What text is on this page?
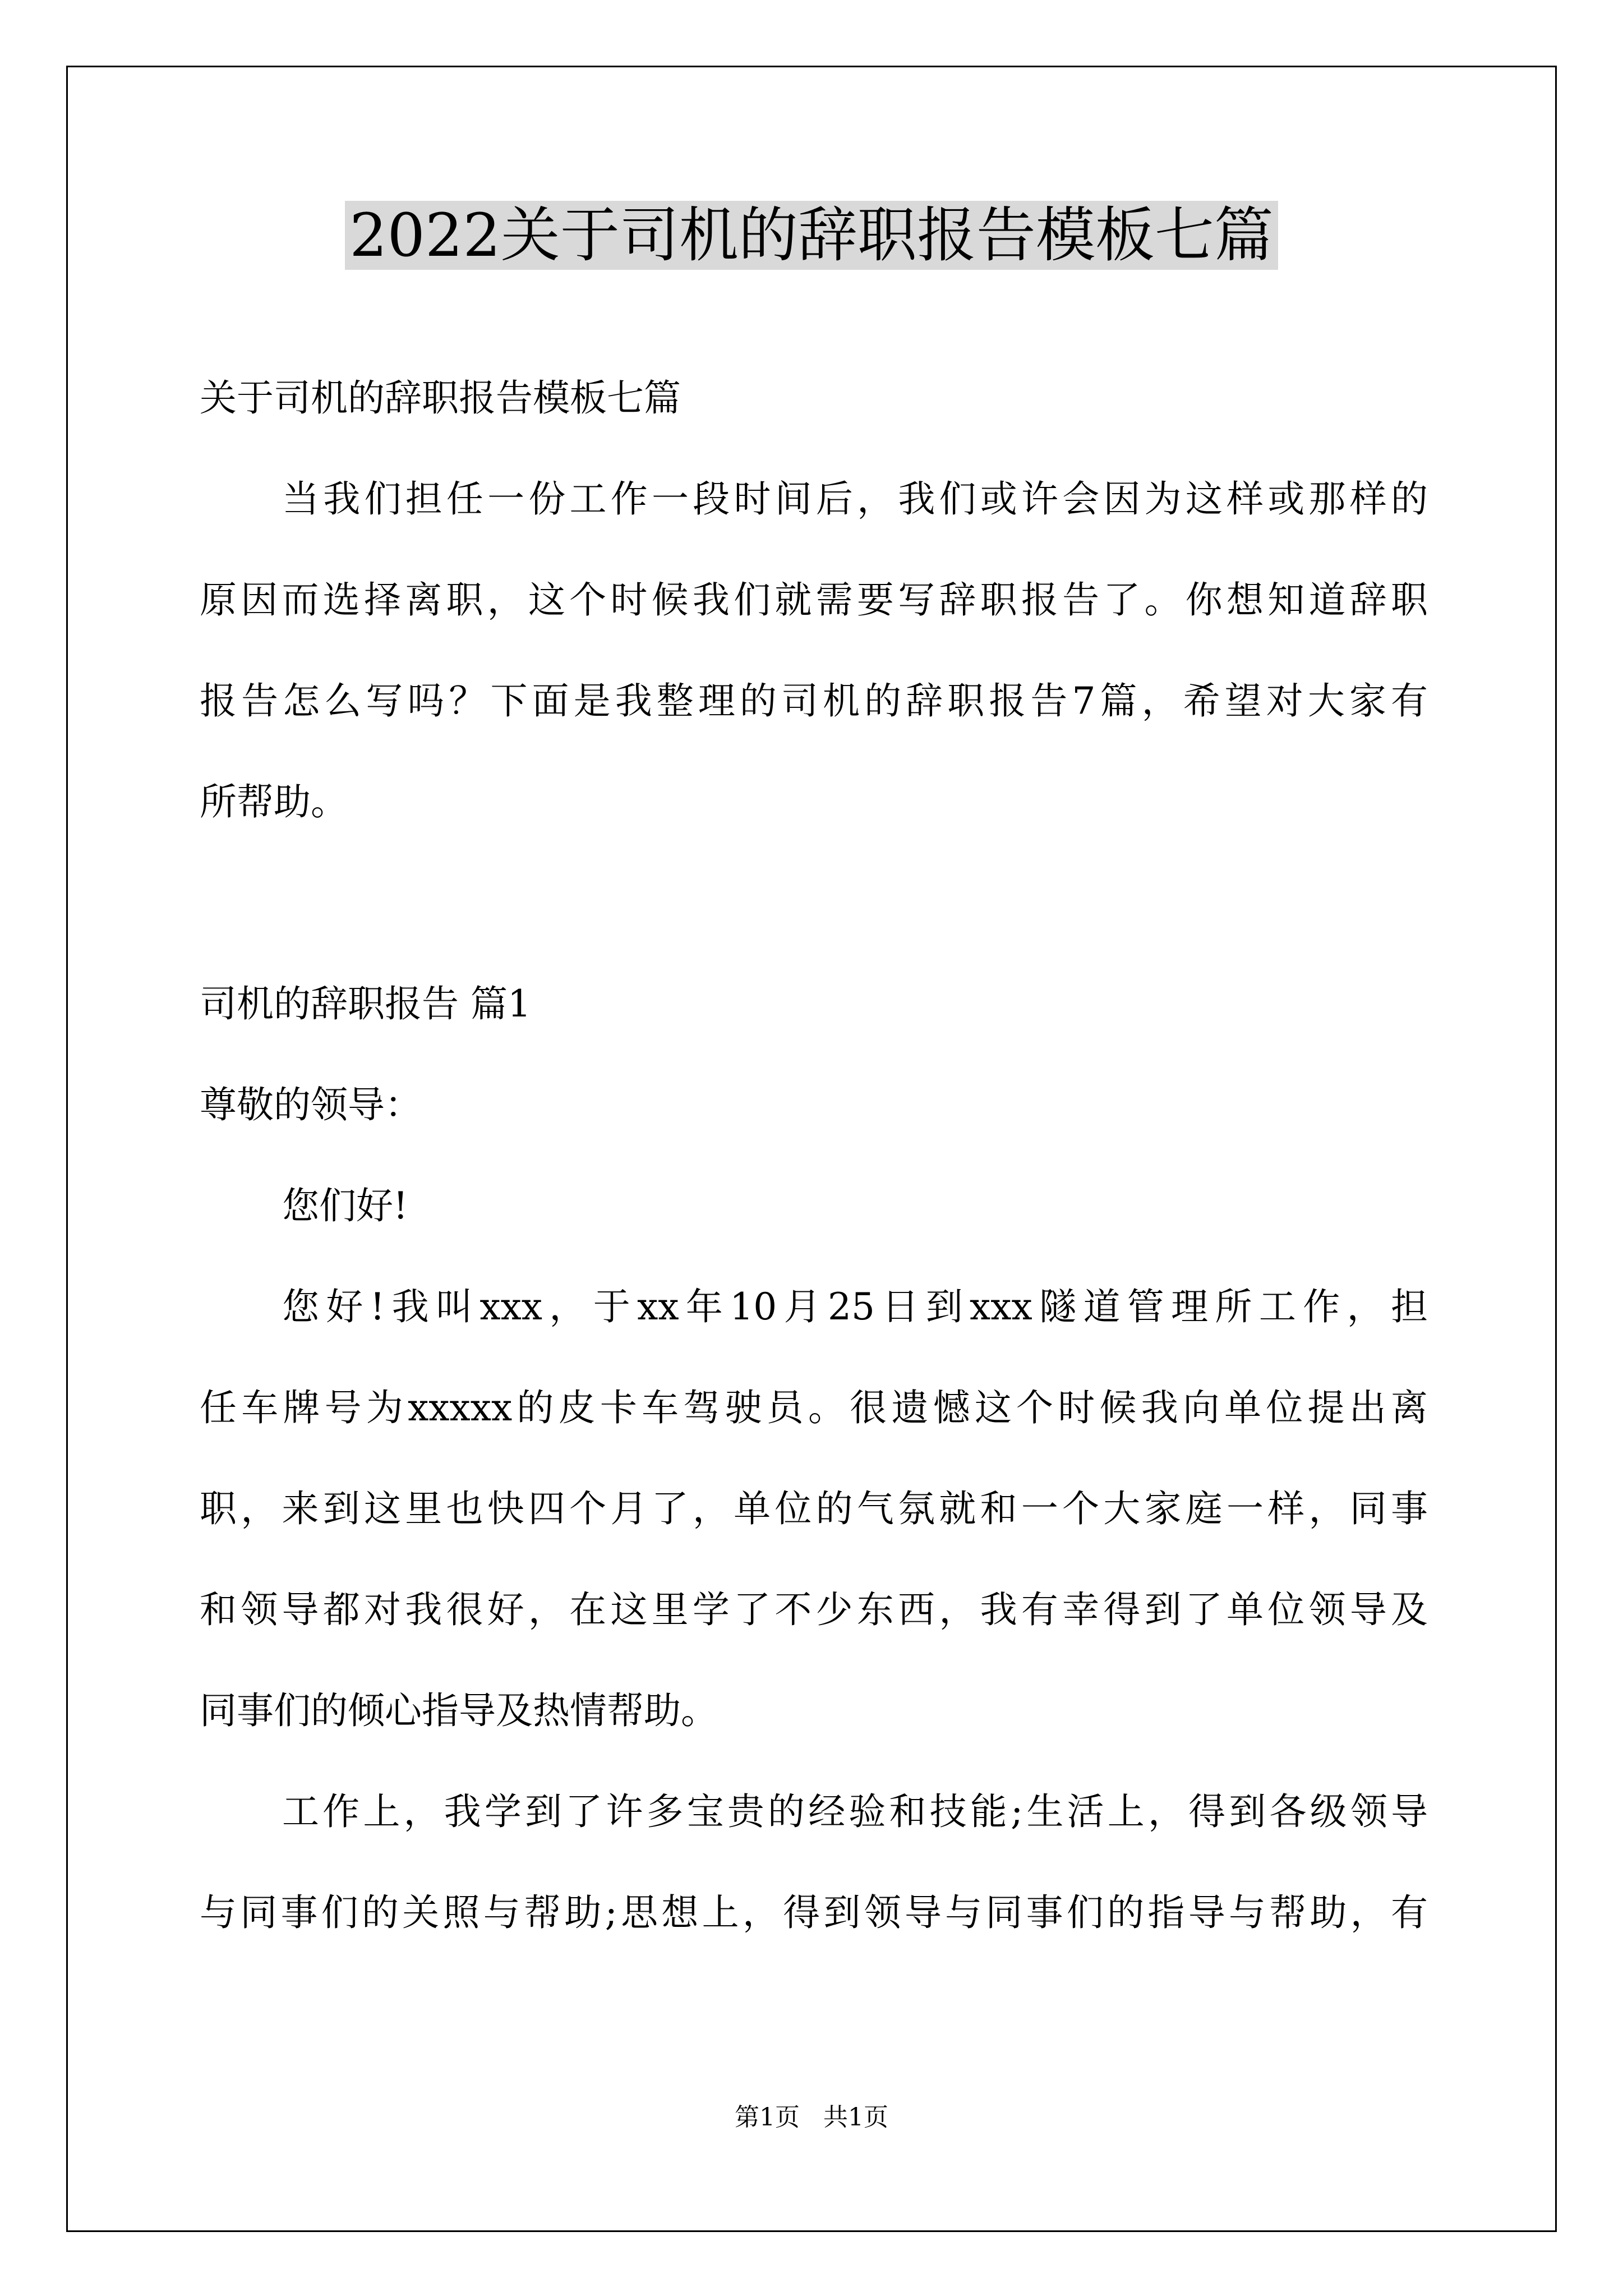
2022关于司机的辞职报告模板七篇
关于司机的辞职报告模板七篇
当我们担任一份工作一段时间后，我们或许会因为这样或那样的
原因而选择离职，这个时候我们就需要写辞职报告了。你想知道辞职
报告怎么写吗？下面是我整理的司机的辞职报告7篇，希望对大家有
所帮助。
司机的辞职报告 篇1
尊敬的领导：
您们好!
您好!我叫xxx，于xx年10月25日到xxx隧道管理所工作，担
任车牌号为xxxxx的皮卡车驾驶员。很遗憾这个时候我向单位提出离
职，来到这里也快四个月了，单位的气氛就和一个大家庭一样，同事
和领导都对我很好，在这里学了不少东西，我有幸得到了单位领导及
同事们的倾心指导及热情帮助。
工作上，我学到了许多宝贵的经验和技能;生活上，得到各级领导
与同事们的关照与帮助;思想上，得到领导与同事们的指导与帮助，有
第1页   共1页
